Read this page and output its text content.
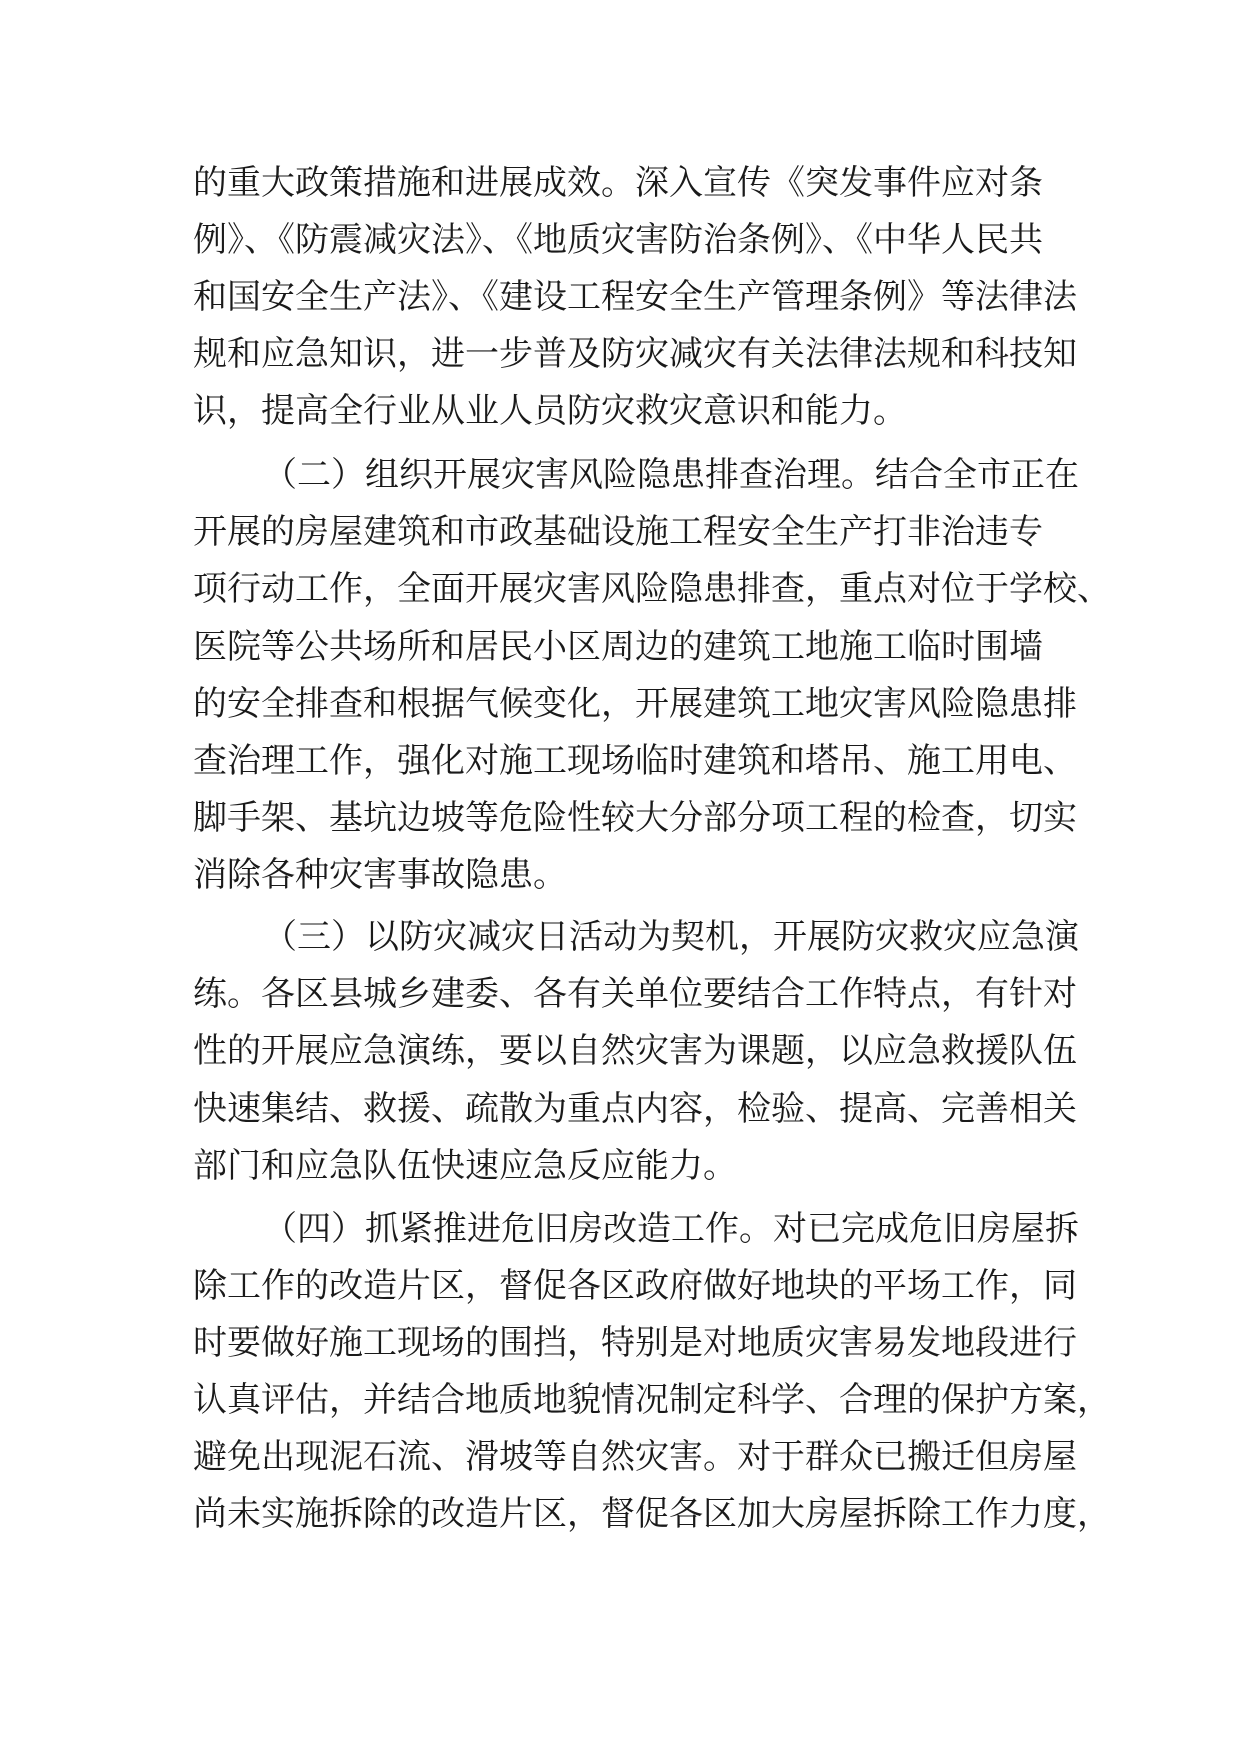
的重大政策措施和进展成效。深入宣传《突发事件应对条
例》、《防震减灾法》、《地质灾害防治条例》、《中华人民共
和国安全生产法》、《建设工程安全生产管理条例》等法律法
规和应急知识，进一步普及防灾减灾有关法律法规和科技知
识，提高全行业从业人员防灾救灾意识和能力。
（二）组织开展灾害风险隐患排查治理。结合全市正在
开展的房屋建筑和市政基础设施工程安全生产打非治违专
项行动工作，全面开展灾害风险隐患排查，重点对位于学校、
医院等公共场所和居民小区周边的建筑工地施工临时围墙
的安全排查和根据气候变化，开展建筑工地灾害风险隐患排
查治理工作，强化对施工现场临时建筑和塔吊、施工用电、
脚手架、基坑边坡等危险性较大分部分项工程的检查，切实
消除各种灾害事故隐患。
（三）以防灾减灾日活动为契机，开展防灾救灾应急演
练。各区县城乡建委、各有关单位要结合工作特点，有针对
性的开展应急演练，要以自然灾害为课题，以应急救援队伍
快速集结、救援、疏散为重点内容，检验、提高、完善相关
部门和应急队伍快速应急反应能力。
（四）抓紧推进危旧房改造工作。对已完成危旧房屋拆
除工作的改造片区，督促各区政府做好地块的平场工作，同
时要做好施工现场的围挡，特别是对地质灾害易发地段进行
认真评估，并结合地质地貌情况制定科学、合理的保护方案，
避免出现泥石流、滑坡等自然灾害。对于群众已搬迁但房屋
尚未实施拆除的改造片区，督促各区加大房屋拆除工作力度，
